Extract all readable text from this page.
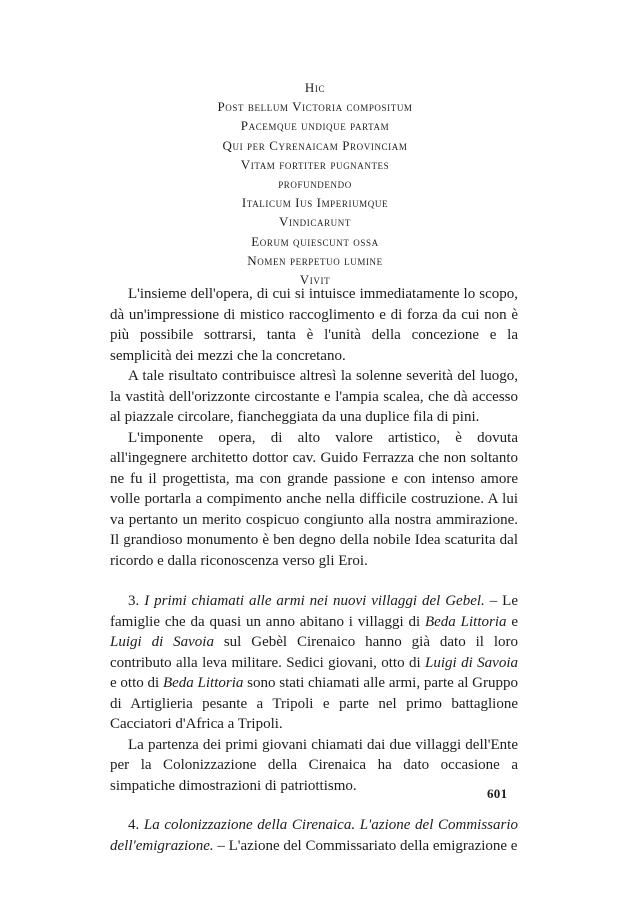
Hic
Post bellum Victoria compositum
Pacemque undique partam
Qui per Cyrenaicam Provinciam
Vitam fortiter pugnantes
profundendo
Italicum Ius Imperiumque
Vindicarunt
Eorum quiescunt ossa
Nomen perpetuo lumine
Vivit

L'insieme dell'opera, di cui si intuisce immediatamente lo scopo, dà un'impressione di mistico raccoglimento e di forza da cui non è più possibile sottrarsi, tanta è l'unità della concezione e la semplicità dei mezzi che la concretano.

A tale risultato contribuisce altresì la solenne severità del luogo, la vastità dell'orizzonte circostante e l'ampia scalea, che dà accesso al piazzale circolare, fiancheggiata da una duplice fila di pini.

L'imponente opera, di alto valore artistico, è dovuta all'ingegnere architetto dottor cav. Guido Ferrazza che non soltanto ne fu il progettista, ma con grande passione e con intenso amore volle portarla a compimento anche nella difficile costruzione. A lui va pertanto un merito cospicuo congiunto alla nostra ammirazione. Il grandioso monumento è ben degno della nobile Idea scaturita dal ricordo e dalla riconoscenza verso gli Eroi.

3. I primi chiamati alle armi nei nuovi villaggi del Gebel. – Le famiglie che da quasi un anno abitano i villaggi di Beda Littoria e Luigi di Savoia sul Gebèl Cirenaico hanno già dato il loro contributo alla leva militare. Sedici giovani, otto di Luigi di Savoia e otto di Beda Littoria sono stati chiamati alle armi, parte al Gruppo di Artiglieria pesante a Tripoli e parte nel primo battaglione Cacciatori d'Africa a Tripoli.

La partenza dei primi giovani chiamati dai due villaggi dell'Ente per la Colonizzazione della Cirenaica ha dato occasione a simpatiche dimostrazioni di patriottismo.

4. La colonizzazione della Cirenaica. L'azione del Commissario dell'emigrazione. – L'azione del Commissariato della emigrazione e

601
